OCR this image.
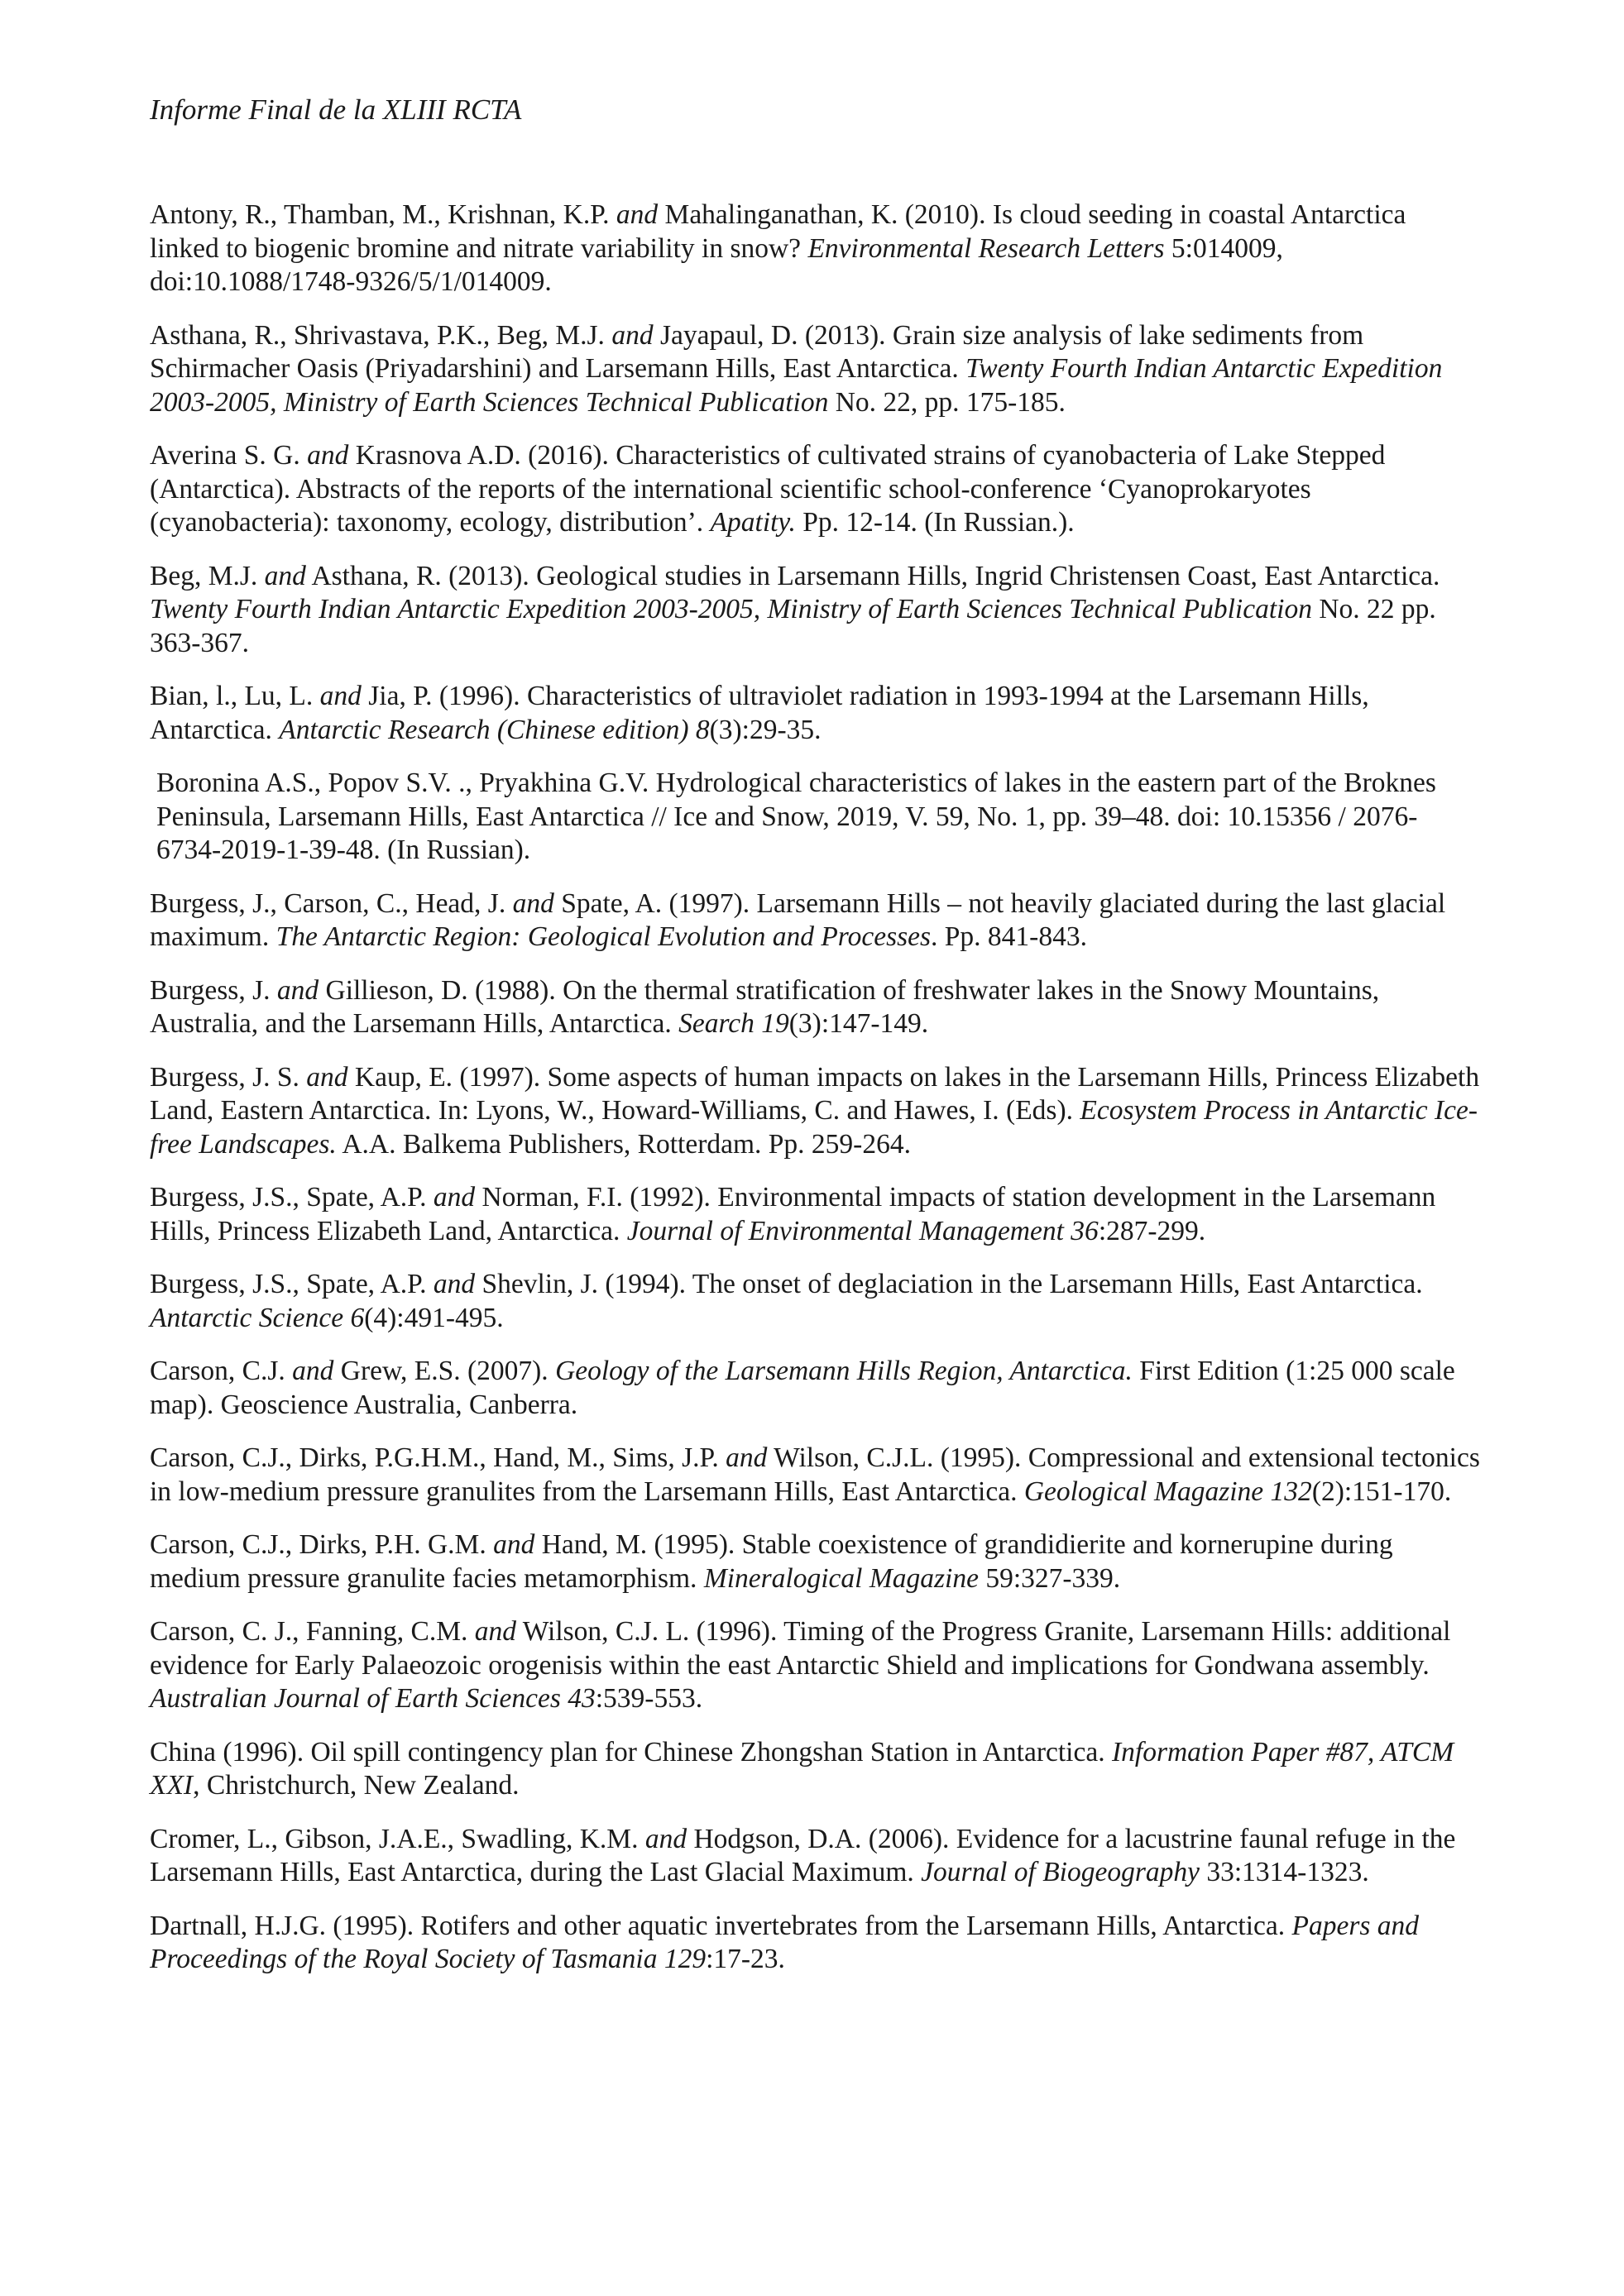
Informe Final de la XLIII RCTA

Antony, R., Thamban, M., Krishnan, K.P. and Mahalinganathan, K. (2010). Is cloud seeding in coastal Antarctica linked to biogenic bromine and nitrate variability in snow? Environmental Research Letters 5:014009, doi:10.1088/1748-9326/5/1/014009.

Asthana, R., Shrivastava, P.K., Beg, M.J. and Jayapaul, D. (2013). Grain size analysis of lake sediments from Schirmacher Oasis (Priyadarshini) and Larsemann Hills, East Antarctica. Twenty Fourth Indian Antarctic Expedition 2003-2005, Ministry of Earth Sciences Technical Publication No. 22, pp. 175-185.

Averina S. G. and Krasnova A.D. (2016). Characteristics of cultivated strains of cyanobacteria of Lake Stepped (Antarctica). Abstracts of the reports of the international scientific school-conference ‘Cyanoprokaryotes (cyanobacteria): taxonomy, ecology, distribution’. Apatity. Pp. 12-14. (In Russian.).

Beg, M.J. and Asthana, R. (2013). Geological studies in Larsemann Hills, Ingrid Christensen Coast, East Antarctica. Twenty Fourth Indian Antarctic Expedition 2003-2005, Ministry of Earth Sciences Technical Publication No. 22 pp. 363-367.

Bian, l., Lu, L. and Jia, P. (1996). Characteristics of ultraviolet radiation in 1993-1994 at the Larsemann Hills, Antarctica. Antarctic Research (Chinese edition) 8(3):29-35.

Boronina A.S., Popov S.V. ., Pryakhina G.V. Hydrological characteristics of lakes in the eastern part of the Broknes Peninsula, Larsemann Hills, East Antarctica // Ice and Snow, 2019, V. 59, No. 1, pp. 39–48. doi: 10.15356 / 2076-6734-2019-1-39-48. (In Russian).

Burgess, J., Carson, C., Head, J. and Spate, A. (1997). Larsemann Hills – not heavily glaciated during the last glacial maximum. The Antarctic Region: Geological Evolution and Processes. Pp. 841-843.

Burgess, J. and Gillieson, D. (1988). On the thermal stratification of freshwater lakes in the Snowy Mountains, Australia, and the Larsemann Hills, Antarctica. Search 19(3):147-149.

Burgess, J. S. and Kaup, E. (1997). Some aspects of human impacts on lakes in the Larsemann Hills, Princess Elizabeth Land, Eastern Antarctica. In: Lyons, W., Howard-Williams, C. and Hawes, I. (Eds). Ecosystem Process in Antarctic Ice-free Landscapes. A.A. Balkema Publishers, Rotterdam. Pp. 259-264.

Burgess, J.S., Spate, A.P. and Norman, F.I. (1992). Environmental impacts of station development in the Larsemann Hills, Princess Elizabeth Land, Antarctica. Journal of Environmental Management 36:287-299.

Burgess, J.S., Spate, A.P. and Shevlin, J. (1994). The onset of deglaciation in the Larsemann Hills, East Antarctica. Antarctic Science 6(4):491-495.

Carson, C.J. and Grew, E.S. (2007). Geology of the Larsemann Hills Region, Antarctica. First Edition (1:25 000 scale map). Geoscience Australia, Canberra.

Carson, C.J., Dirks, P.G.H.M., Hand, M., Sims, J.P. and Wilson, C.J.L. (1995). Compressional and extensional tectonics in low-medium pressure granulites from the Larsemann Hills, East Antarctica. Geological Magazine 132(2):151-170.

Carson, C.J., Dirks, P.H. G.M. and Hand, M. (1995). Stable coexistence of grandidierite and kornerupine during medium pressure granulite facies metamorphism. Mineralogical Magazine 59:327-339.

Carson, C. J., Fanning, C.M. and Wilson, C.J. L. (1996). Timing of the Progress Granite, Larsemann Hills: additional evidence for Early Palaeozoic orogenisis within the east Antarctic Shield and implications for Gondwana assembly. Australian Journal of Earth Sciences 43:539-553.

China (1996). Oil spill contingency plan for Chinese Zhongshan Station in Antarctica. Information Paper #87, ATCM XXI, Christchurch, New Zealand.

Cromer, L., Gibson, J.A.E., Swadling, K.M. and Hodgson, D.A. (2006). Evidence for a lacustrine faunal refuge in the Larsemann Hills, East Antarctica, during the Last Glacial Maximum. Journal of Biogeography 33:1314-1323.

Dartnall, H.J.G. (1995). Rotifers and other aquatic invertebrates from the Larsemann Hills, Antarctica. Papers and Proceedings of the Royal Society of Tasmania 129:17-23.
